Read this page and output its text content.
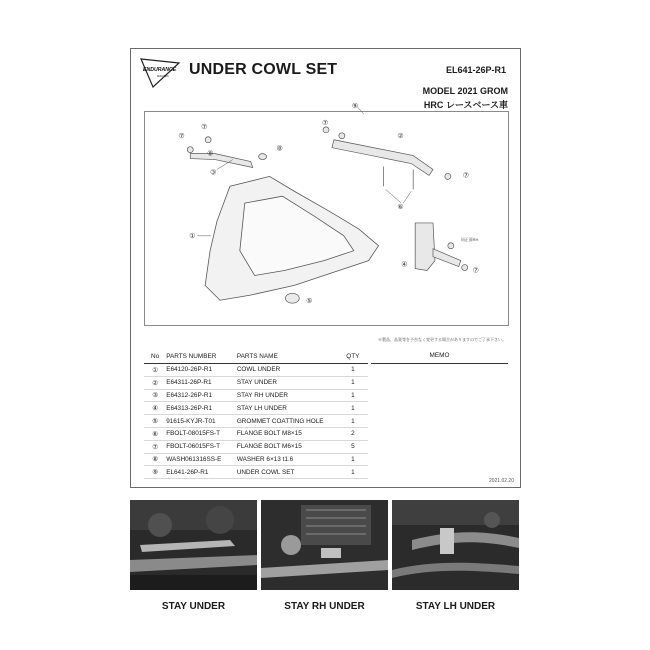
ENDURANCE
RACING UNDER COWL SET	EL641-26P-R1
MODEL 2021 GROM
HRC レースベース車
⑨
⑦
⑦
⑧
⑧
③
⑦
②
⑦
⑥
①
⑤
同正面RH
④
⑦
※製品、品質等を予告なく変更する場合がありますのでご了承下さい。
No	PARTS NUMBER	PARTS NAME	QTY
①	E64120-26P-R1	COWL UNDER	1
②	E64311-26P-R1	STAY UNDER	1
③	E64312-26P-R1	STAY RH UNDER	1
④	E64313-26P-R1	STAY LH UNDER	1
⑤	91615-KYJR-T01	GROMMET COATTING HOLE	1
⑥	FBOLT-08015FS-T	FLANGE BOLT M8×15	2
⑦	FBOLT-06015FS-T	FLANGE BOLT M6×15	5
⑧	WASH061316SS-E	WASHER 6×13 t1.6	1
⑨	EL641-26P-R1	UNDER COWL SET	1
MEMO
2021.02.20
STAY UNDER	STAY RH UNDER	STAY LH UNDER
